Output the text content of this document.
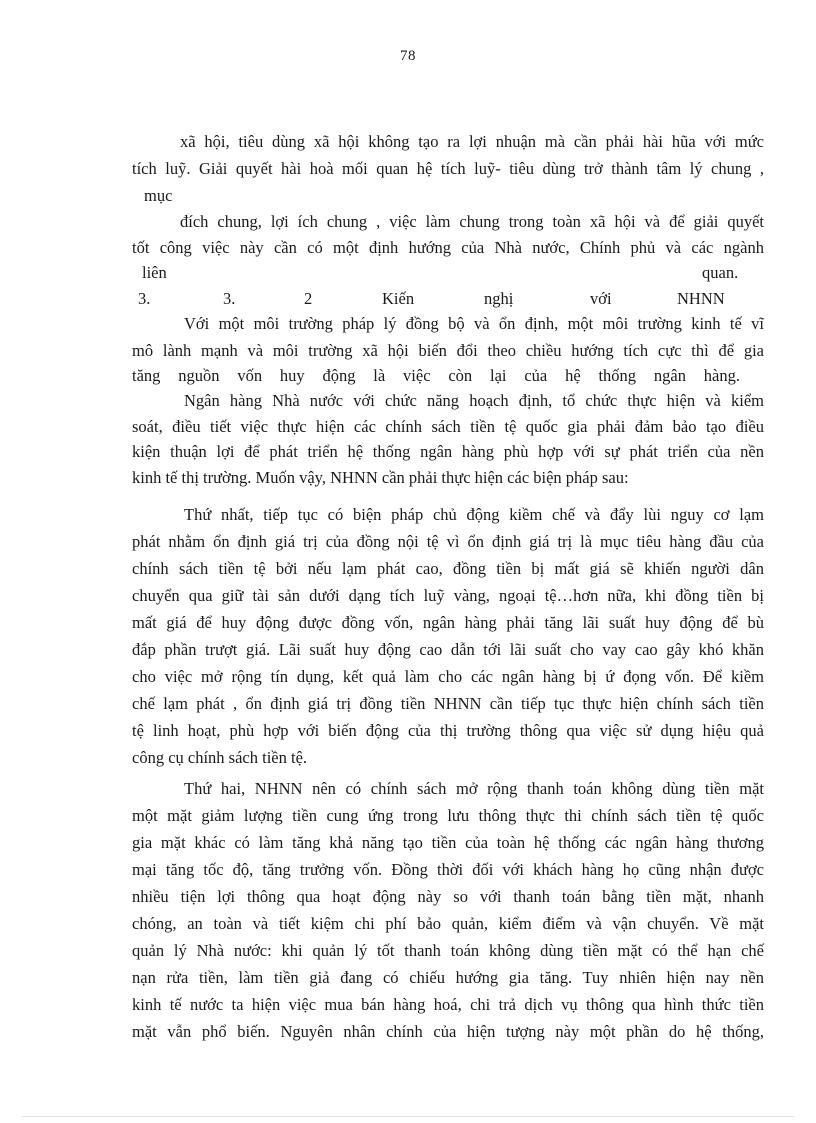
78
xã hội, tiêu dùng xã hội không tạo ra lợi nhuận mà cần phải hài hũa với mức
tích luỹ. Giải quyết hài hoà mối quan hệ tích luỹ- tiêu dùng trở thành tâm lý chung ,
mục
đích chung, lợi ích chung , việc làm chung trong toàn xã hội và để giải quyết
tốt công việc này cần có một định hướng của Nhà nước, Chính phủ và các ngành
liên	quan.
3.	3.	2	Kiến	nghị	với	NHNN
Với một môi trường pháp lý đồng bộ và ổn định, một môi trường kinh tế vĩ
mô lành mạnh và môi trường xã hội biến đổi theo chiều hướng tích cực thì để gia
tăng nguồn vốn huy động là việc còn lại của hệ thống ngân hàng.
Ngân hàng Nhà nước với chức năng hoạch định, tổ chức thực hiện và kiểm
soát, điều tiết việc thực hiện các chính sách tiền tệ quốc gia phải đảm bảo tạo điều
kiện thuận lợi để phát triển hệ thống ngân hàng phù hợp với sự phát triển của nền
kinh tế thị trường. Muốn vậy, NHNN cần phải thực hiện các biện pháp sau:
Thứ nhất, tiếp tục có biện pháp chủ động kiềm chế và đẩy lùi nguy cơ lạm
phát nhằm ổn định giá trị của đồng nội tệ vì ổn định giá trị là mục tiêu hàng đầu của
chính sách tiền tệ bởi nếu lạm phát cao, đồng tiền bị mất giá sẽ khiến người dân
chuyển qua giữ tài sản dưới dạng tích luỹ vàng, ngoại tệ…hơn nữa, khi đồng tiền bị
mất giá để huy động được đồng vốn, ngân hàng phải tăng lãi suất huy động để bù
đắp phần trượt giá. Lãi suất huy động cao dẫn tới lãi suất cho vay cao gây khó khăn
cho việc mở rộng tín dụng, kết quả làm cho các ngân hàng bị ứ đọng vốn. Để kiềm
chế lạm phát , ổn định giá trị đồng tiền NHNN cần tiếp tục thực hiện chính sách tiền
tệ linh hoạt, phù hợp với biến động của thị trường thông qua việc sử dụng hiệu quả
công cụ chính sách tiền tệ.
Thứ hai, NHNN nên có chính sách mở rộng thanh toán không dùng tiền mặt
một mặt giảm lượng tiền cung ứng trong lưu thông thực thi chính sách tiền tệ quốc
gia mặt khác có làm tăng khả năng tạo tiền của toàn hệ thống các ngân hàng thương
mại tăng tốc độ, tăng trưởng vốn. Đồng thời đối với khách hàng họ cũng nhận được
nhiều tiện lợi thông qua hoạt động này so với thanh toán bằng tiền mặt, nhanh
chóng, an toàn và tiết kiệm chi phí bảo quản, kiểm điểm và vận chuyển. Về mặt
quản lý Nhà nước: khi quản lý tốt thanh toán không dùng tiền mặt có thể hạn chế
nạn rửa tiền, làm tiền giả đang có chiếu hướng gia tăng. Tuy nhiên hiện nay nền
kinh tế nước ta hiện việc mua bán hàng hoá, chi trả dịch vụ thông qua hình thức tiền
mặt vẫn phổ biến. Nguyên nhân chính của hiện tượng này một phần do hệ thống,
